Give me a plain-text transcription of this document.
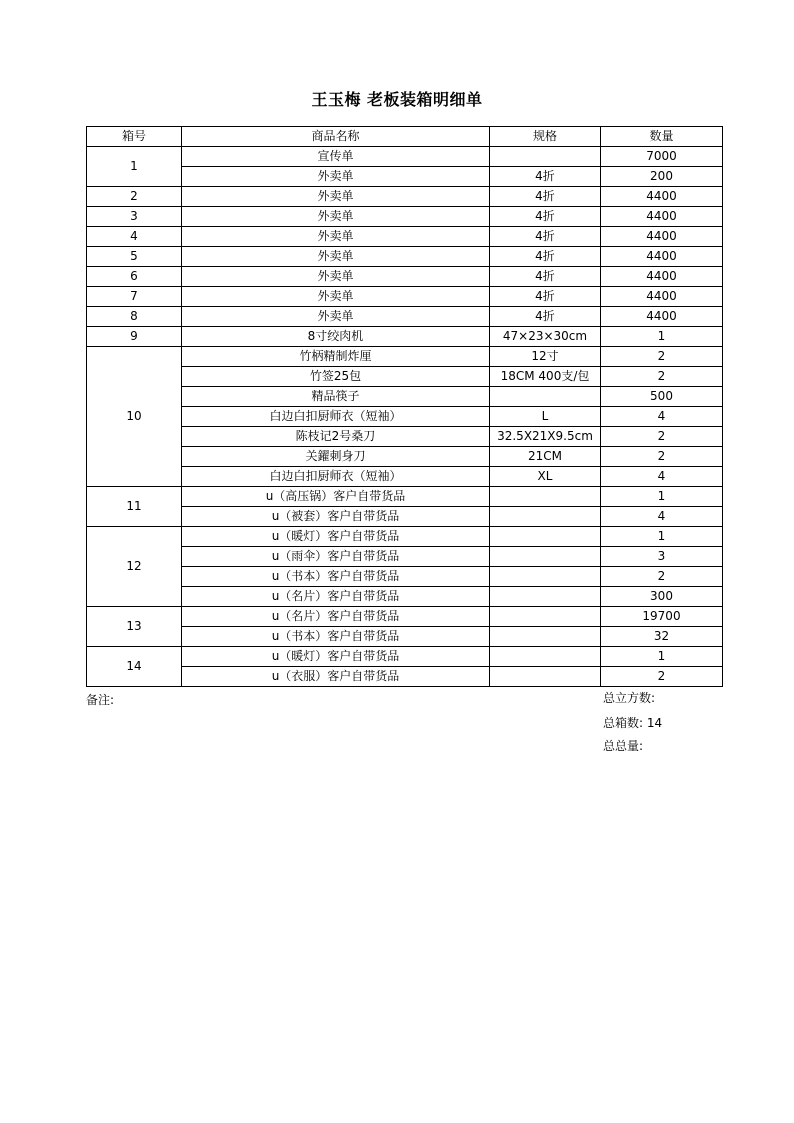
王玉梅 老板装箱明细单
箱号	商品名称	规格	数量
1	宣传单		7000
	外卖单	4折	200
2	外卖单	4折	4400
3	外卖单	4折	4400
4	外卖单	4折	4400
5	外卖单	4折	4400
6	外卖单	4折	4400
7	外卖单	4折	4400
8	外卖单	4折	4400
9	8寸绞肉机	47×23×30cm	1
10	竹柄精制炸厘	12寸	2
	竹签25包	18CM 400支/包	2
	精品筷子		500
	白边白扣厨师衣（短袖）	L	4
	陈枝记2号桑刀	32.5X21X9.5cm	2
	关鑃刺身刀	21CM	2
	白边白扣厨师衣（短袖）	XL	4
11	u（高压锅）客户自带货品		1
	u（被套）客户自带货品		4
12	u（暖灯）客户自带货品		1
	u（雨伞）客户自带货品		3
	u（书本）客户自带货品		2
	u（名片）客户自带货品		300
13	u（名片）客户自带货品		19700
	u（书本）客户自带货品		32
14	u（暖灯）客户自带货品		1
	u（衣服）客户自带货品		2
备注:	总立方数:
总箱数: 14
总总量:
